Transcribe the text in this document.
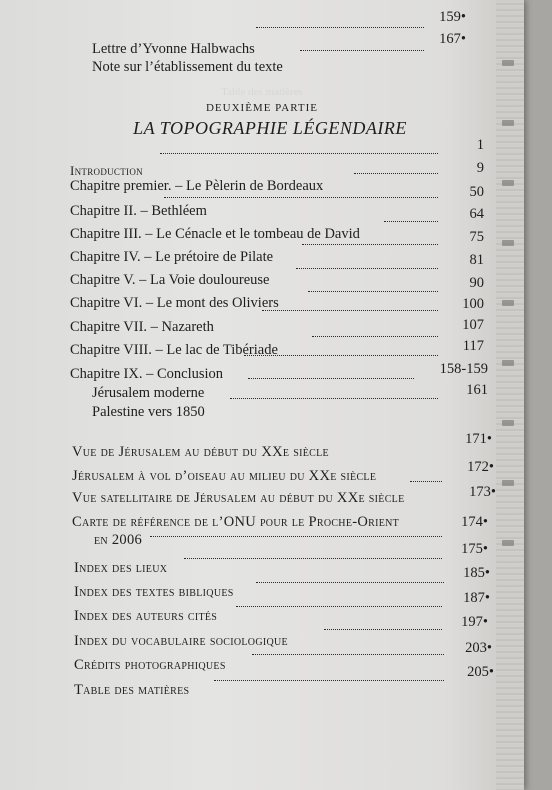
Lettre d’Yvonne Halbwachs
159•
Note sur l’établissement du texte
167•
Table des matières
DEUXIÈME PARTIE
LA TOPOGRAPHIE LÉGENDAIRE
Introduction
1
Chapitre premier. – Le Pèlerin de Bordeaux
9
Chapitre II. – Bethléem
50
Chapitre III. – Le Cénacle et le tombeau de David
64
Chapitre IV. – Le prétoire de Pilate
75
Chapitre V. – La Voie douloureuse
81
Chapitre VI. – Le mont des Oliviers
90
Chapitre VII. – Nazareth
100
Chapitre VIII. – Le lac de Tibériade
107
Chapitre IX. – Conclusion
117
Jérusalem moderne
158-159
Palestine vers 1850
161
Vue de Jérusalem au début du XXe siècle
171•
Jérusalem à vol d’oiseau au milieu du XXe siècle
172•
Vue satellitaire de Jérusalem au début du XXe siècle	173•
Carte de référence de l’ONU pour le Proche-Orient
en 2006
174•
Index des lieux
175•
Index des textes bibliques
185•
Index des auteurs cités
187•
Index du vocabulaire sociologique
197•
Crédits photographiques
203•
Table des matières
205•
